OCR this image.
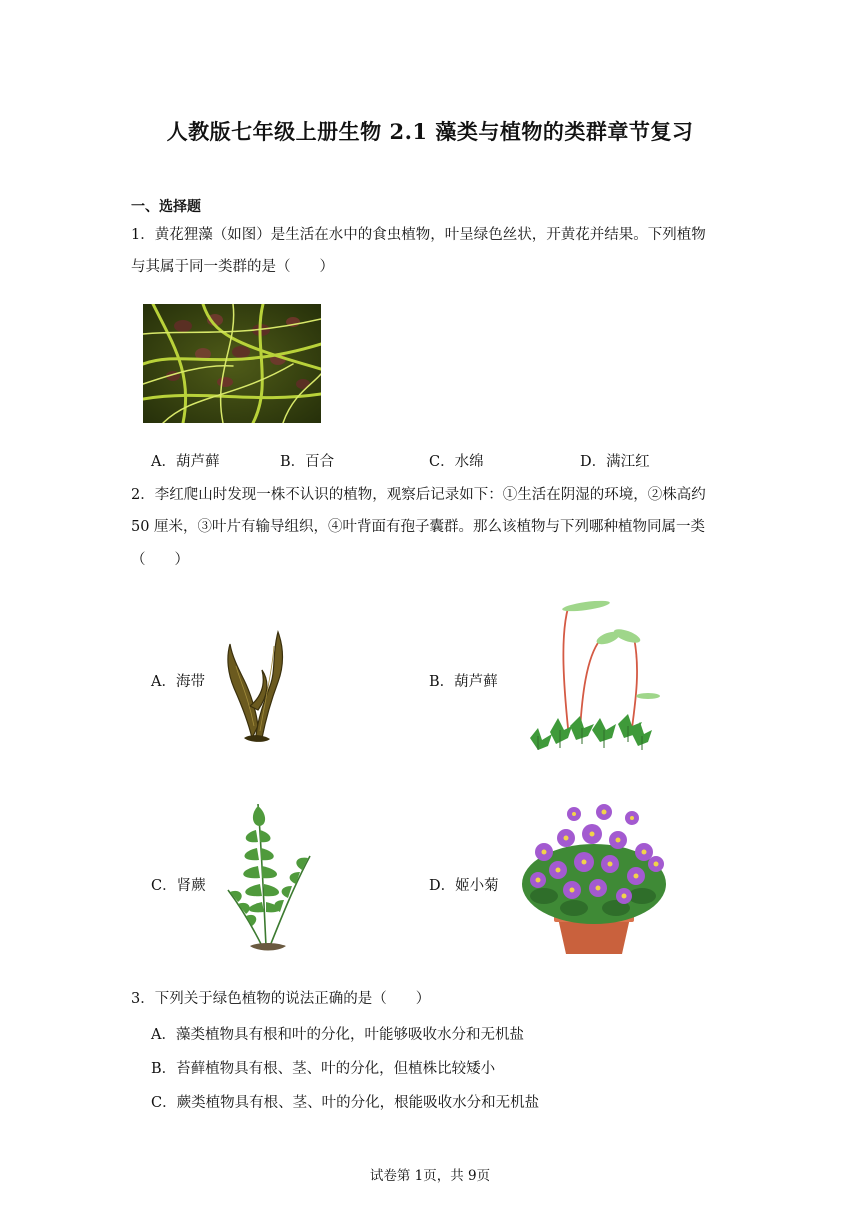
人教版七年级上册生物 2.1 藻类与植物的类群章节复习
一、选择题
1．黄花狸藻（如图）是生活在水中的食虫植物，叶呈绿色丝状，开黄花并结果。下列植物
与其属于同一类群的是（　　）
A．葫芦藓	B．百合	C．水绵	D．满江红
2．李红爬山时发现一株不认识的植物，观察后记录如下：①生活在阴湿的环境，②株高约
50 厘米，③叶片有输导组织，④叶背面有孢子囊群。那么该植物与下列哪种植物同属一类
（　　）
A．海带	B．葫芦藓
C．肾蕨	D．姬小菊
3．下列关于绿色植物的说法正确的是（　　）
A．藻类植物具有根和叶的分化，叶能够吸收水分和无机盐
B．苔藓植物具有根、茎、叶的分化，但植株比较矮小
C．蕨类植物具有根、茎、叶的分化，根能吸收水分和无机盐
试卷第 1页，共 9页
